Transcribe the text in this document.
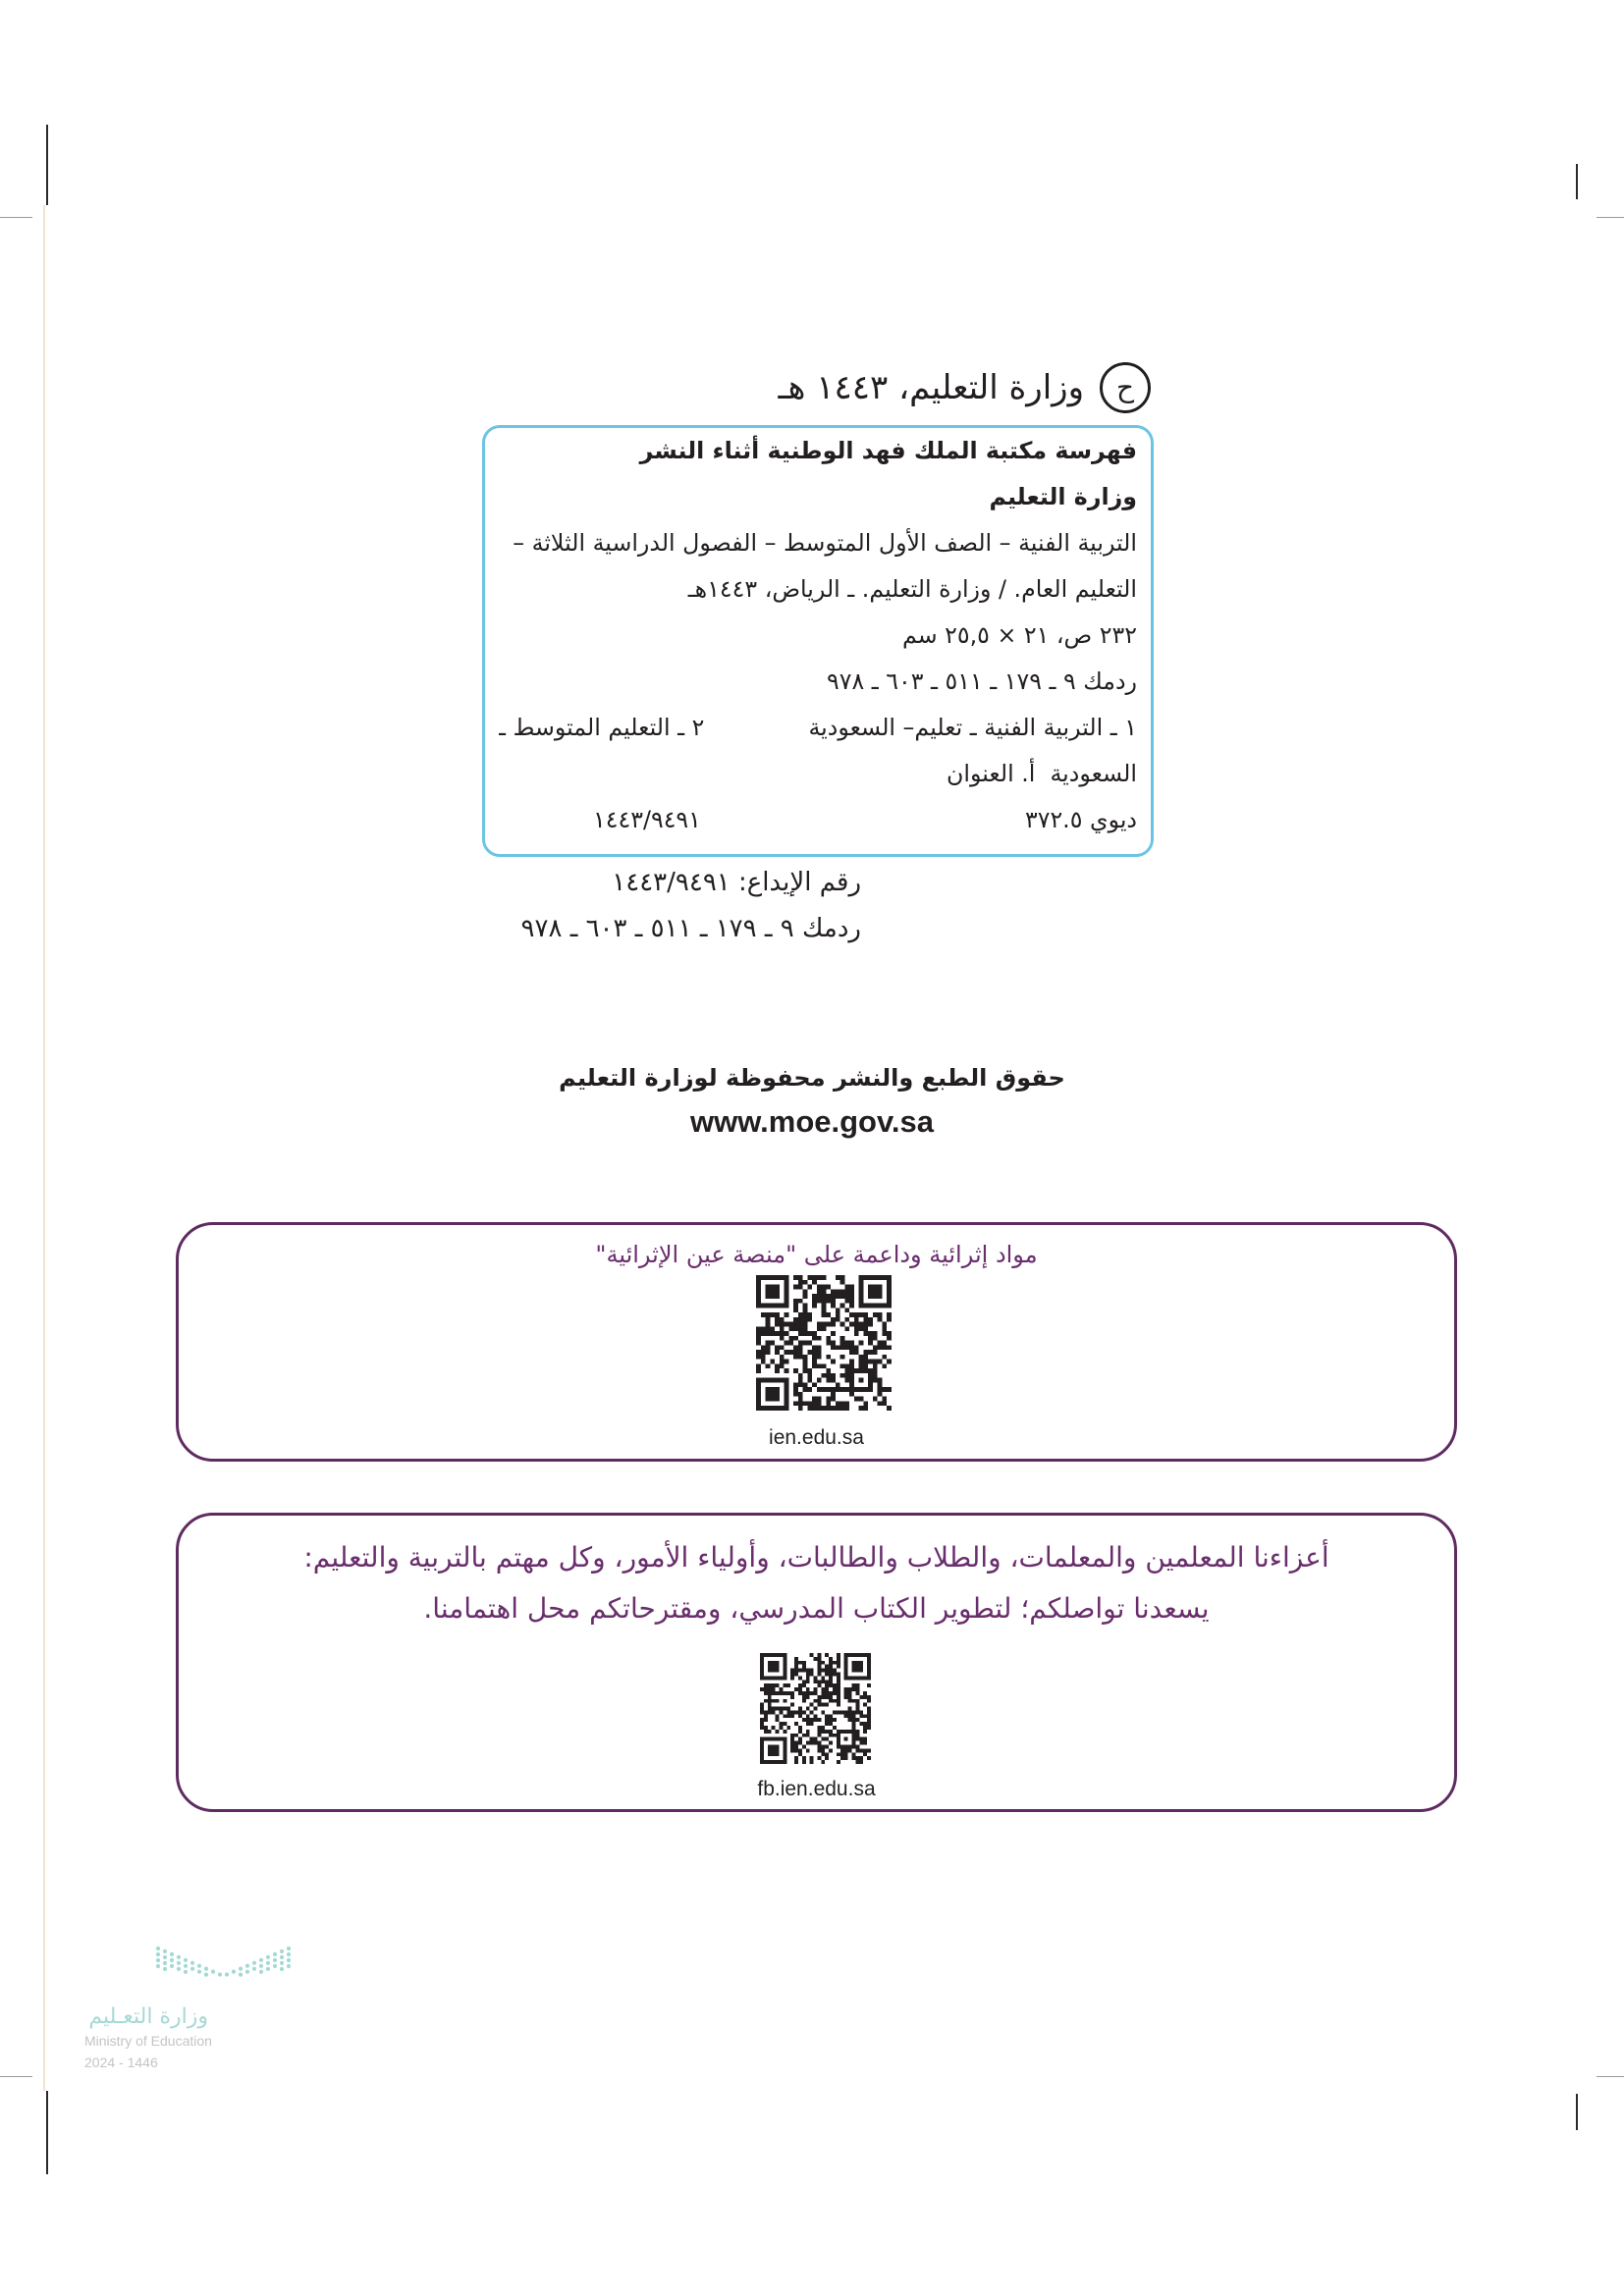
ح
وزارة التعليم، ١٤٤٣ هـ
فهرسة مكتبة الملك فهد الوطنية أثناء النشر
وزارة التعليم
التربية الفنية – الصف الأول المتوسط – الفصول الدراسية الثلاثة –
التعليم العام. / وزارة التعليم. ـ الرياض، ١٤٤٣هـ
٢٣٢ ص، ٢١ × ٢٥,٥ سم
ردمك ٩ ـ ١٧٩ ـ ٥١١ ـ ٦٠٣ ـ ٩٧٨
١ ـ التربية الفنية ـ تعليم– السعودية
٢ ـ التعليم المتوسط ـ
السعودية  أ. العنوان
ديوي ٣٧٢.٥
١٤٤٣/٩٤٩١
رقم الإيداع: ١٤٤٣/٩٤٩١
ردمك ٩ ـ ١٧٩ ـ ٥١١ ـ ٦٠٣ ـ ٩٧٨
حقوق الطبع والنشر محفوظة لوزارة التعليم
www.moe.gov.sa
مواد إثرائية وداعمة على "منصة عين الإثرائية"
ien.edu.sa
أعزاءنا المعلمين والمعلمات، والطلاب والطالبات، وأولياء الأمور، وكل مهتم بالتربية والتعليم:
يسعدنا تواصلكم؛ لتطوير الكتاب المدرسي، ومقترحاتكم محل اهتمامنا.
fb.ien.edu.sa
وزارة التعـليم
Ministry of Education
2024 - 1446
